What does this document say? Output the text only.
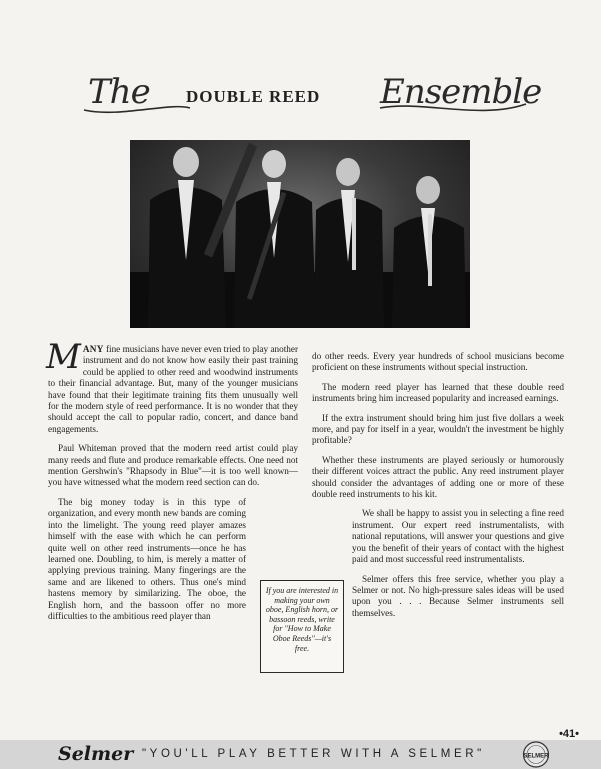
The DOUBLE REED Ensemble

MANY fine musicians have never even tried to play another instrument and do not know how easily their past training could be applied to other reed and woodwind instruments to their financial advantage. But, many of the younger musicians have found that their legitimate training fits them unusually well for the modern style of reed performance. It is no wonder that they should accept the call to popular radio, concert, and dance band engagements.

Paul Whiteman proved that the modern reed artist could play many reeds and flute and produce remarkable effects. One need not mention Gershwin's "Rhapsody in Blue"—it is too well known—you have witnessed what the modern reed section can do.

The big money today is in this type of organization, and every month new bands are coming into the limelight. The young reed player amazes himself with the ease with which he can perform quite well on other reed instruments—once he has learned one. Doubling, to him, is merely a matter of applying previous training. Many fingerings are the same and are likened to others. Thus one's mind hastens memory by similarizing. The oboe, the English horn, and the bassoon offer no more difficulties to the ambitious reed player than

do other reeds. Every year hundreds of school musicians become proficient on these instruments without special instruction.

The modern reed player has learned that these double reed instruments bring him increased popularity and increased earnings.

If the extra instrument should bring him just five dollars a week more, and pay for itself in a year, wouldn't the investment be highly profitable?

Whether these instruments are played seriously or humorously their different voices attract the public. Any reed instrument player should consider the advantages of adding one or more of these double reed instruments to his kit.

We shall be happy to assist you in selecting a fine reed instrument. Our expert reed instrumentalists, with national reputations, will answer your questions and give you the benefit of their years of contact with the highest paid and most successful reed instrumentalists.

Selmer offers this free service, whether you play a Selmer or not. No high-pressure sales ideas will be used upon you . . . Because Selmer instruments sell themselves.

If you are interested in making your own oboe, English horn, or bassoon reeds, write for "How to Make Oboe Reeds"—it's free.
•41•
Selmer "YOU'LL PLAY BETTER WITH A SELMER"	SELMER
